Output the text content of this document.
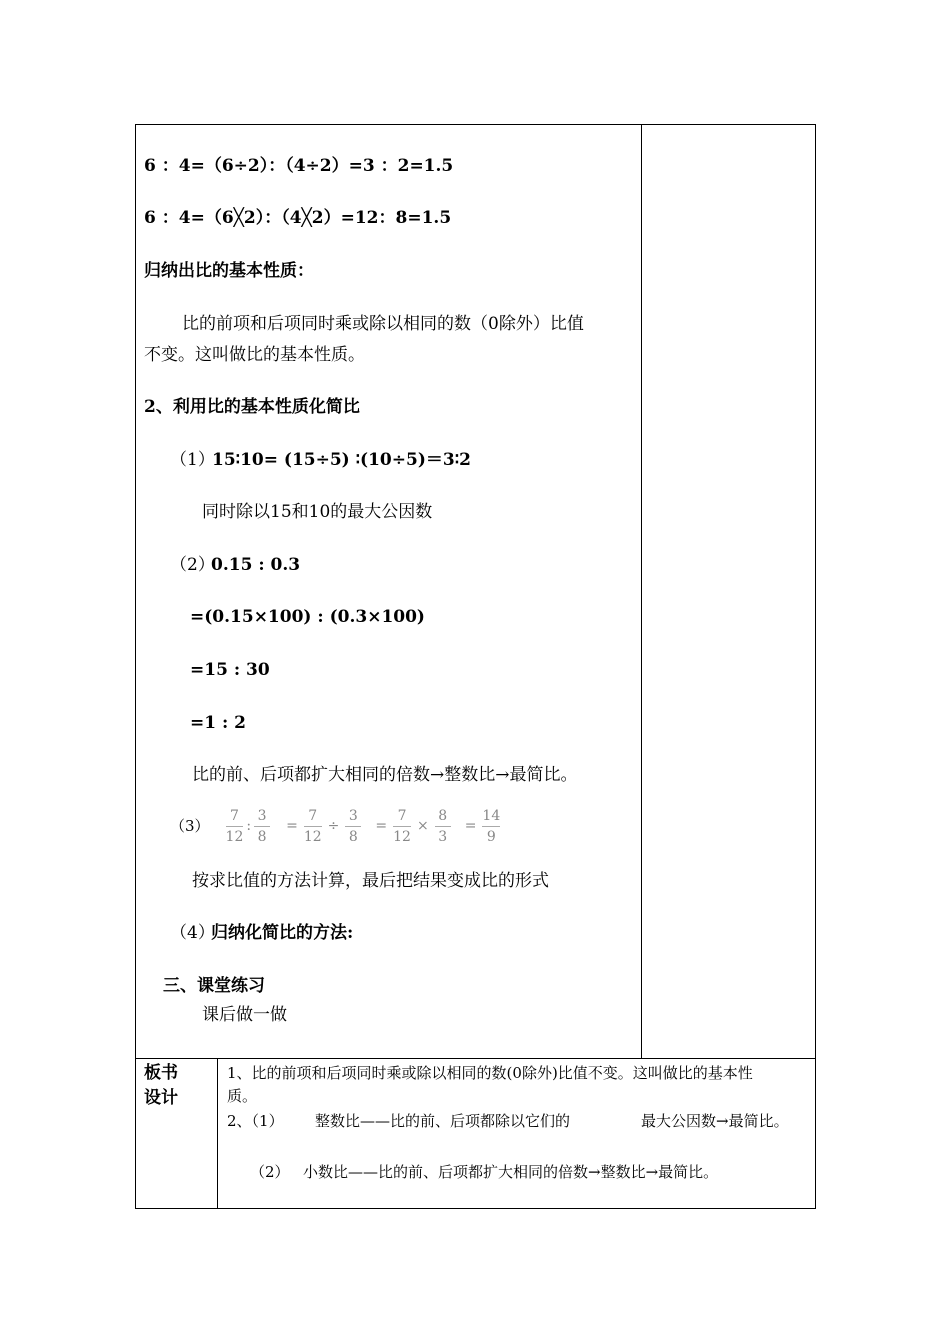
6 ：4=（6÷2）：（4÷2）=3 ：2=1.5
6 ：4=（6╳2）：（4╳2）=12：8=1.5
归纳出比的基本性质：
比的前项和后项同时乘或除以相同的数（0除外）比值
不变。这叫做比的基本性质。
2、利用比的基本性质化简比
（1）
15∶10= (15÷5) ∶(10÷5)＝3∶2
同时除以15和10的最大公因数
（2）
0.15 : 0.3
=(0.15×100) : (0.3×100)
=15 : 30
=1 : 2
比的前、后项都扩大相同的倍数→整数比→最简比。
$(3) \frac{7}{12}$ : $\frac{3}{8} = \frac{7}{12} \div \frac{3}{8} = \frac{7}{12} \times \frac{8}{3} = \frac{14}{9}$
按求比值的方法计算，最后把结果变成比的形式
（4）
归纳化简比的方法:
三、课堂练习
课后做一做
板书
设计
1、比的前项和后项同时乘或除以相同的数(0除外)比值不变。这叫做比的基本性
质。
2、（1） 整数比——比的前、后项都除以它们的	最大公因数→最简比。
（2） 小数比——比的前、后项都扩大相同的倍数→整数比→最简比。
